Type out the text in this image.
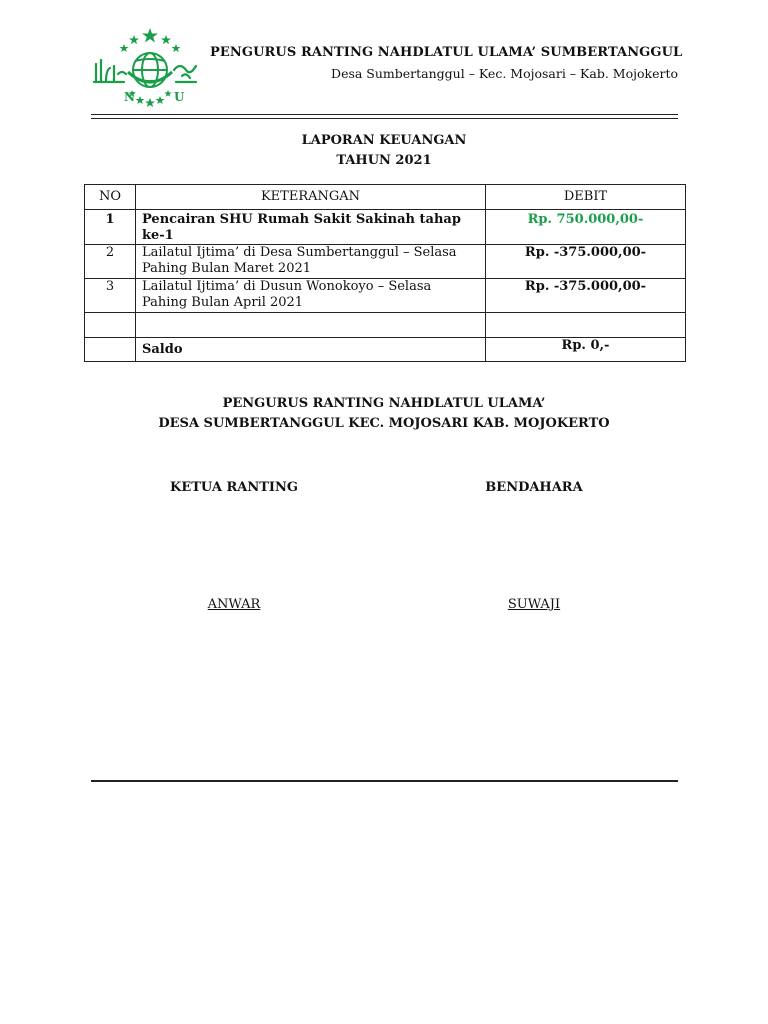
N	U
PENGURUS RANTING NAHDLATUL ULAMA’ SUMBERTANGGUL
Desa Sumbertanggul – Kec. Mojosari – Kab. Mojokerto
LAPORAN KEUANGAN
TAHUN 2021
NO	KETERANGAN	DEBIT
1	Pencairan SHU Rumah Sakit Sakinah tahap ke-1	Rp. 750.000,00-
2	Lailatul Ijtima’ di Desa Sumbertanggul – Selasa Pahing Bulan Maret 2021	Rp. -375.000,00-
3	Lailatul Ijtima’ di Dusun Wonokoyo – Selasa Pahing Bulan April 2021	Rp. -375.000,00-

	Saldo	Rp. 0,-
PENGURUS RANTING NAHDLATUL ULAMA’
DESA SUMBERTANGGUL KEC. MOJOSARI KAB. MOJOKERTO
KETUA RANTING	BENDAHARA
ANWAR	SUWAJI
